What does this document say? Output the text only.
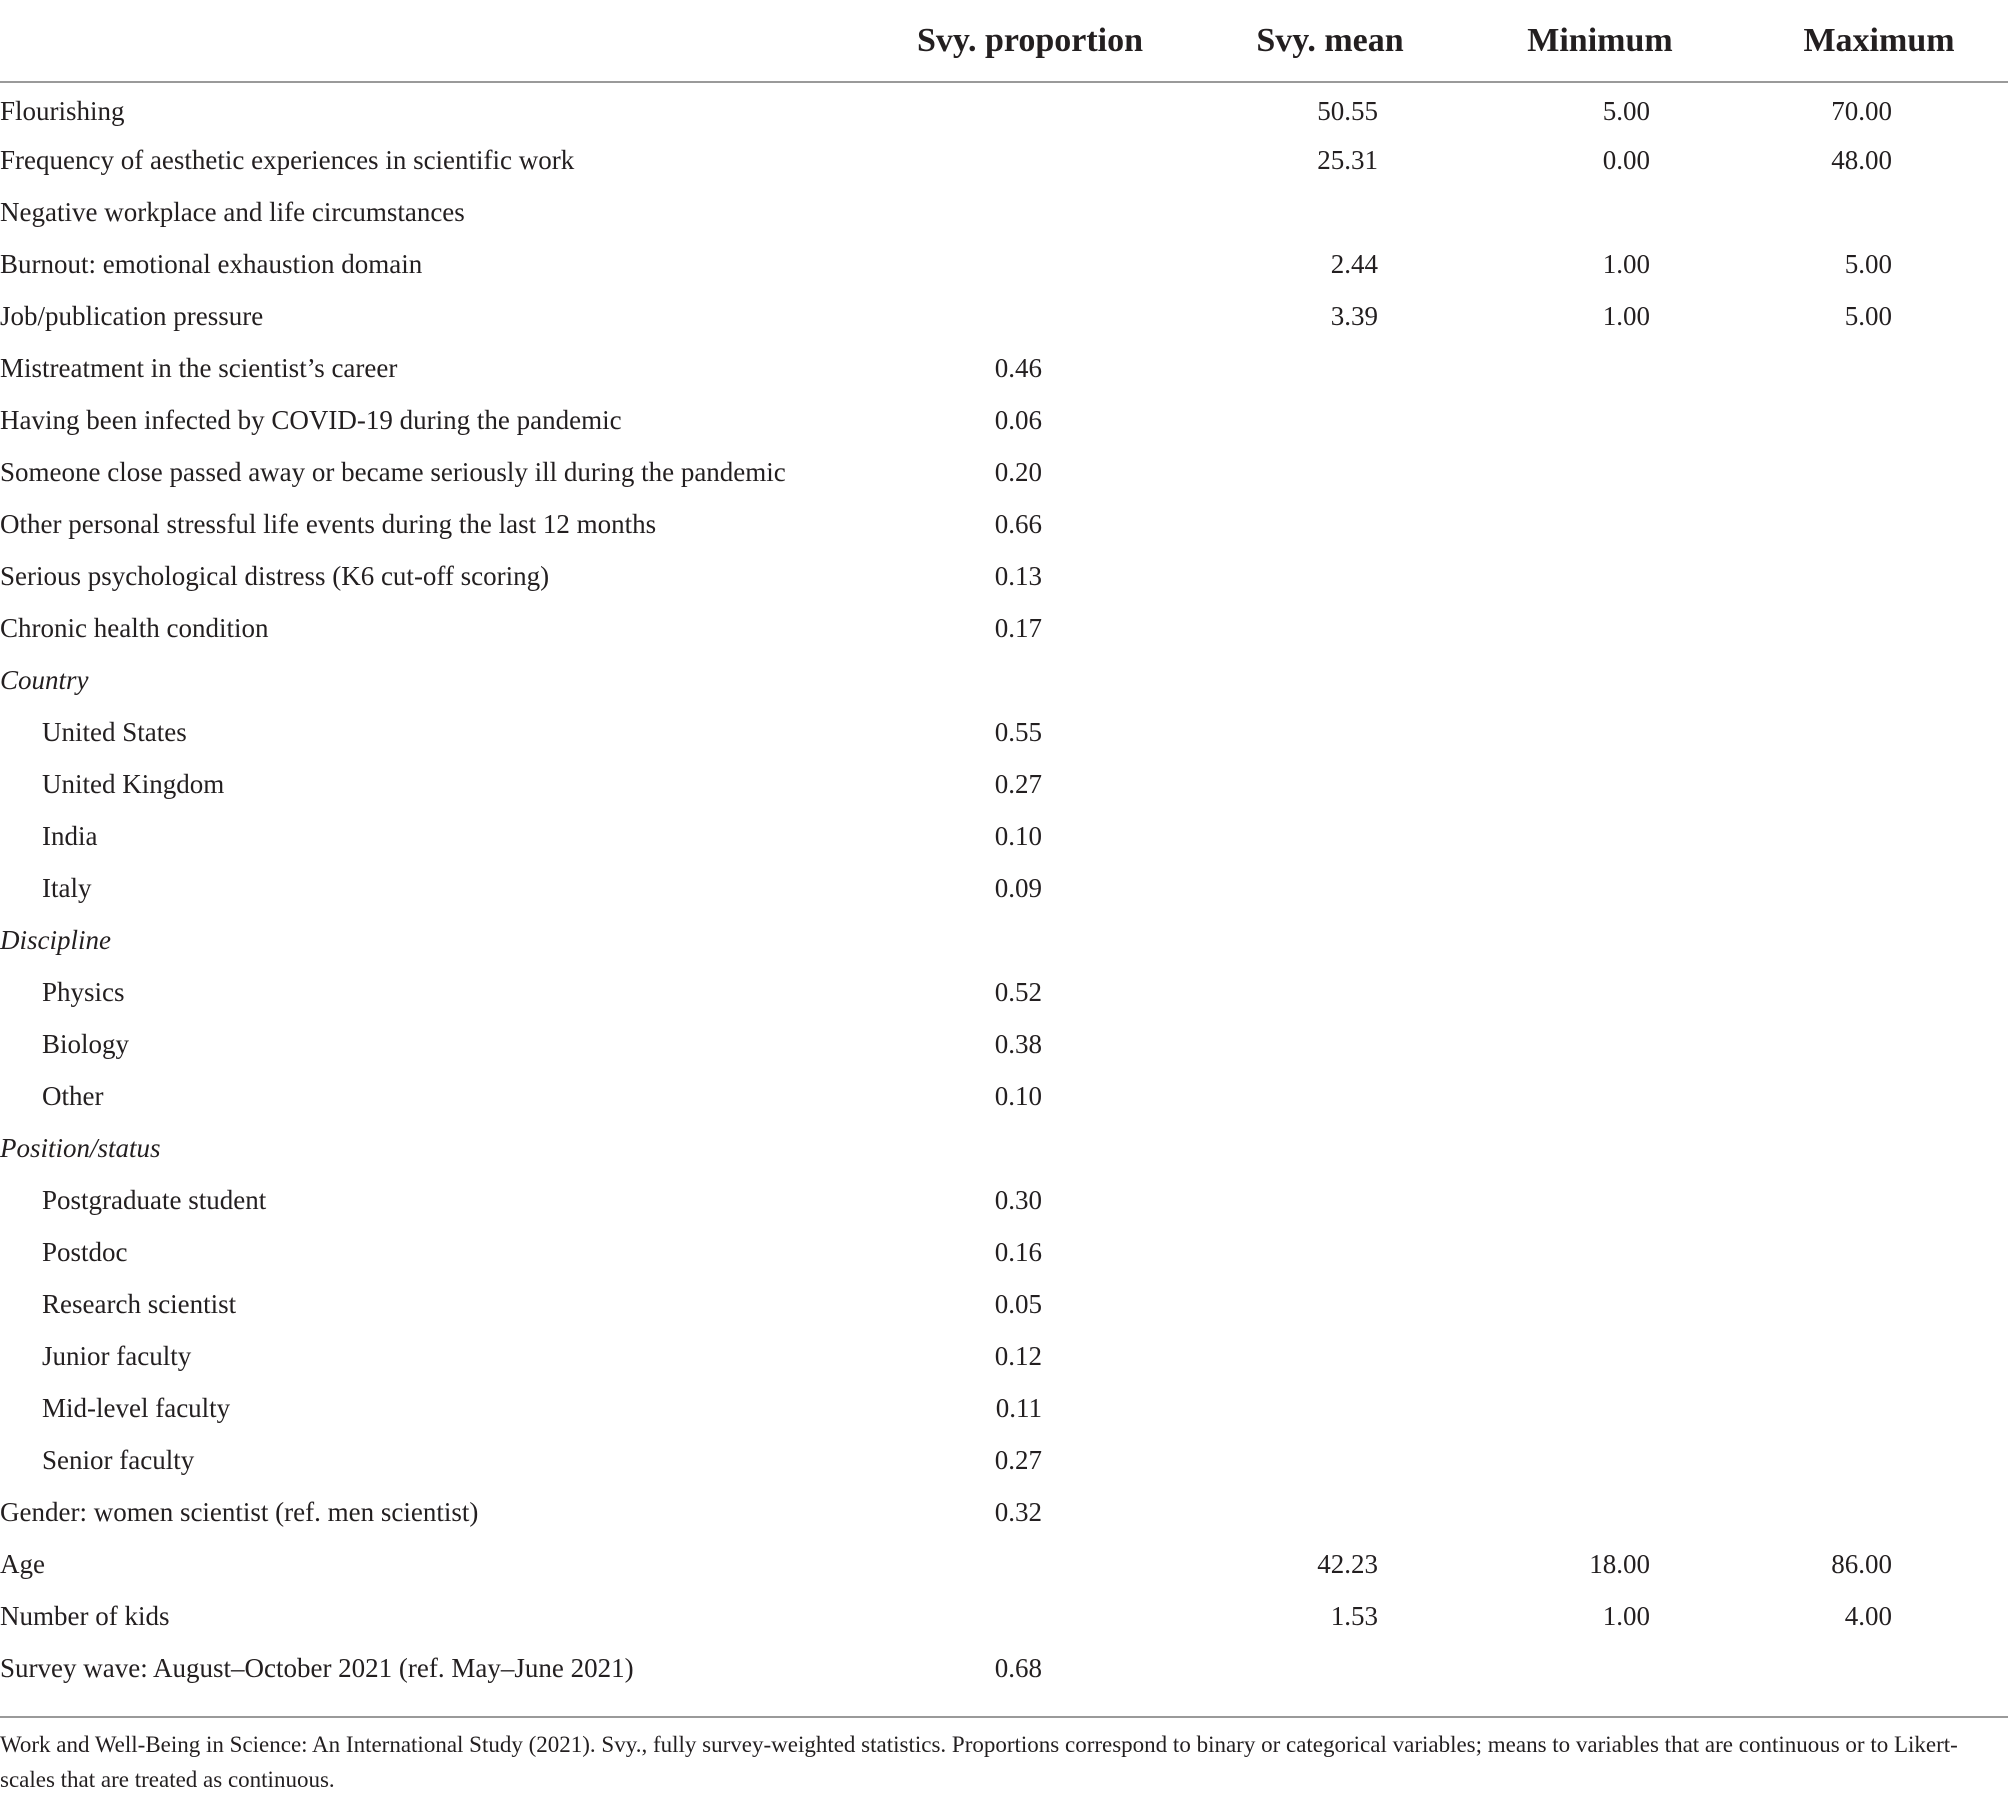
	Svy. proportion	Svy. mean	Minimum	Maximum
Flourishing		50.55	5.00	70.00
Frequency of aesthetic experiences in scientific work		25.31	0.00	48.00
Negative workplace and life circumstances				
Burnout: emotional exhaustion domain		2.44	1.00	5.00
Job/publication pressure		3.39	1.00	5.00
Mistreatment in the scientist’s career	0.46			
Having been infected by COVID-19 during the pandemic	0.06			
Someone close passed away or became seriously ill during the pandemic	0.20			
Other personal stressful life events during the last 12 months	0.66			
Serious psychological distress (K6 cut-off scoring)	0.13			
Chronic health condition	0.17			
Country				
United States	0.55			
United Kingdom	0.27			
India	0.10			
Italy	0.09			
Discipline				
Physics	0.52			
Biology	0.38			
Other	0.10			
Position/status				
Postgraduate student	0.30			
Postdoc	0.16			
Research scientist	0.05			
Junior faculty	0.12			
Mid-level faculty	0.11			
Senior faculty	0.27			
Gender: women scientist (ref. men scientist)	0.32			
Age		42.23	18.00	86.00
Number of kids		1.53	1.00	4.00
Survey wave: August–October 2021 (ref. May–June 2021)	0.68			
Work and Well-Being in Science: An International Study (2021). Svy., fully survey-weighted statistics. Proportions correspond to binary or categorical variables; means to variables that are continuous or to Likert-scales that are treated as continuous.
